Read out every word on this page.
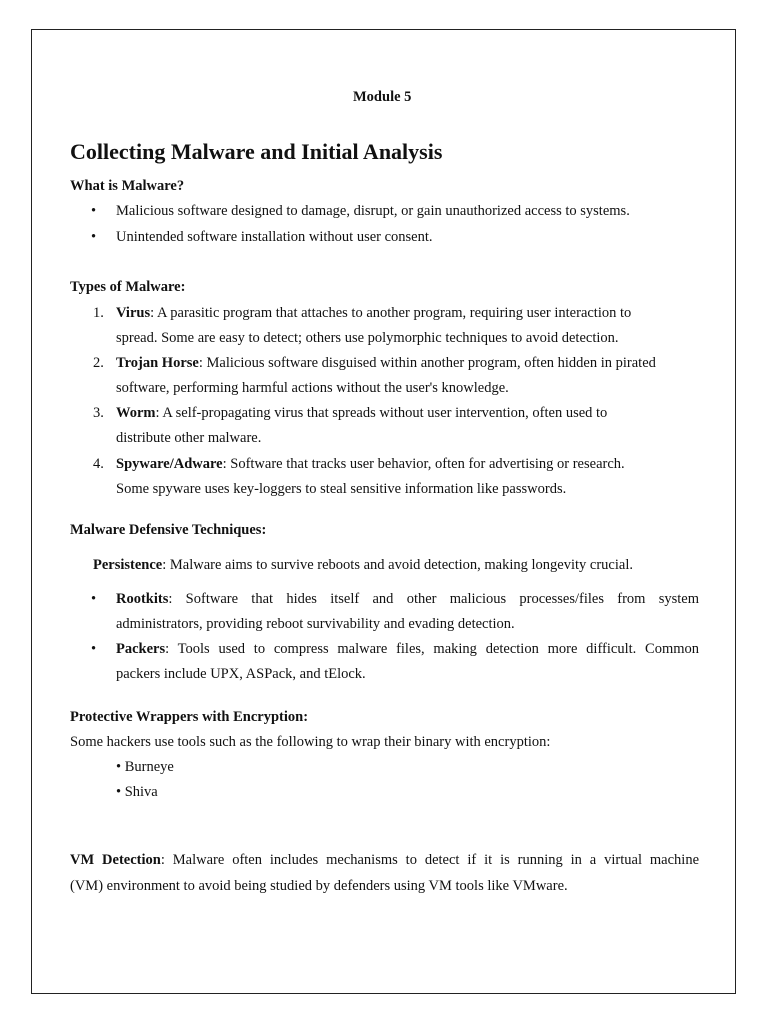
Module 5
Collecting Malware and Initial Analysis
What is Malware?
• Malicious software designed to damage, disrupt, or gain unauthorized access to systems.
• Unintended software installation without user consent.
Types of Malware:
1. Virus: A parasitic program that attaches to another program, requiring user interaction to
spread. Some are easy to detect; others use polymorphic techniques to avoid detection.
2. Trojan Horse: Malicious software disguised within another program, often hidden in pirated
software, performing harmful actions without the user's knowledge.
3. Worm: A self-propagating virus that spreads without user intervention, often used to
distribute other malware.
4. Spyware/Adware: Software that tracks user behavior, often for advertising or research.
Some spyware uses key-loggers to steal sensitive information like passwords.
Malware Defensive Techniques:
Persistence: Malware aims to survive reboots and avoid detection, making longevity crucial.
• Rootkits: Software that hides itself and other malicious processes/files from system
administrators, providing reboot survivability and evading detection.
• Packers: Tools used to compress malware files, making detection more difficult. Common
packers include UPX, ASPack, and tElock.
Protective Wrappers with Encryption:
Some hackers use tools such as the following to wrap their binary with encryption:
• Burneye
• Shiva
VM Detection: Malware often includes mechanisms to detect if it is running in a virtual machine
(VM) environment to avoid being studied by defenders using VM tools like VMware.
